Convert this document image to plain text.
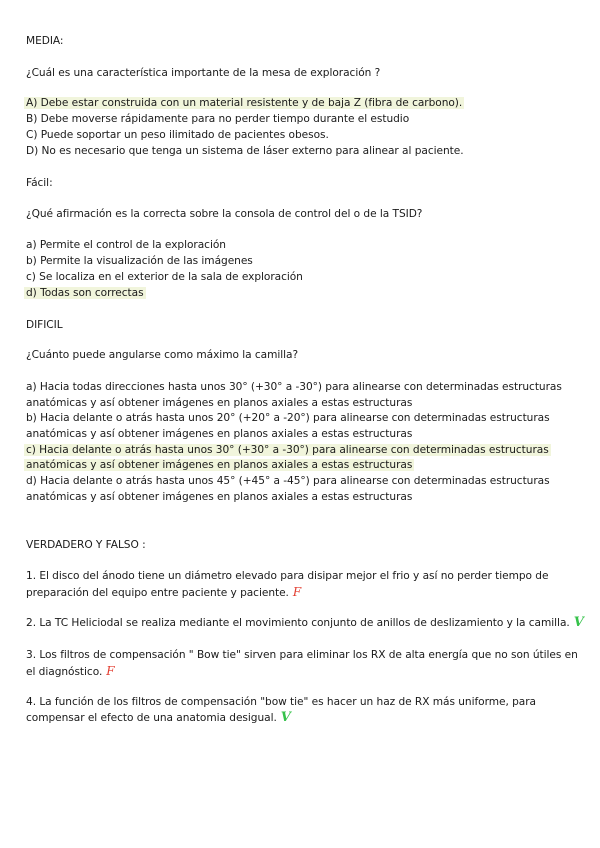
MEDIA:
¿Cuál es una característica importante de la mesa de exploración ?
A) Debe estar construida con un material resistente y de baja Z (fibra de carbono).
B) Debe moverse rápidamente para no perder tiempo durante el estudio
C) Puede soportar un peso ilimitado de pacientes obesos.
D) No es necesario que tenga un sistema de láser externo para alinear al paciente.
Fácil:
¿Qué afirmación es la correcta sobre la consola de control del o de la TSID?
a) Permite el control de la exploración
b) Permite la visualización de las imágenes
c) Se localiza en el exterior de la sala de exploración
d) Todas son correctas
DIFICIL
¿Cuánto puede angularse como máximo la camilla?
a) Hacia todas direcciones hasta unos 30° (+30° a -30°) para alinearse con determinadas estructuras
anatómicas y así obtener imágenes en planos axiales a estas estructuras
b) Hacia delante o atrás hasta unos 20° (+20° a -20°) para alinearse con determinadas estructuras
anatómicas y así obtener imágenes en planos axiales a estas estructuras
c) Hacia delante o atrás hasta unos 30° (+30° a -30°) para alinearse con determinadas estructuras
anatómicas y así obtener imágenes en planos axiales a estas estructuras
d) Hacia delante o atrás hasta unos 45° (+45° a -45°) para alinearse con determinadas estructuras
anatómicas y así obtener imágenes en planos axiales a estas estructuras
VERDADERO Y FALSO :
1. El disco del ánodo tiene un diámetro elevado para disipar mejor el frio y así no perder tiempo de
preparación del equipo entre paciente y paciente. F
2. La TC Heliciodal se realiza mediante el movimiento conjunto de anillos de deslizamiento y la camilla. V
3. Los filtros de compensación " Bow tie" sirven para eliminar los RX de alta energía que no son útiles en
el diagnóstico. F
4. La función de los filtros de compensación "bow tie" es hacer un haz de RX más uniforme, para
compensar el efecto de una anatomia desigual. V
